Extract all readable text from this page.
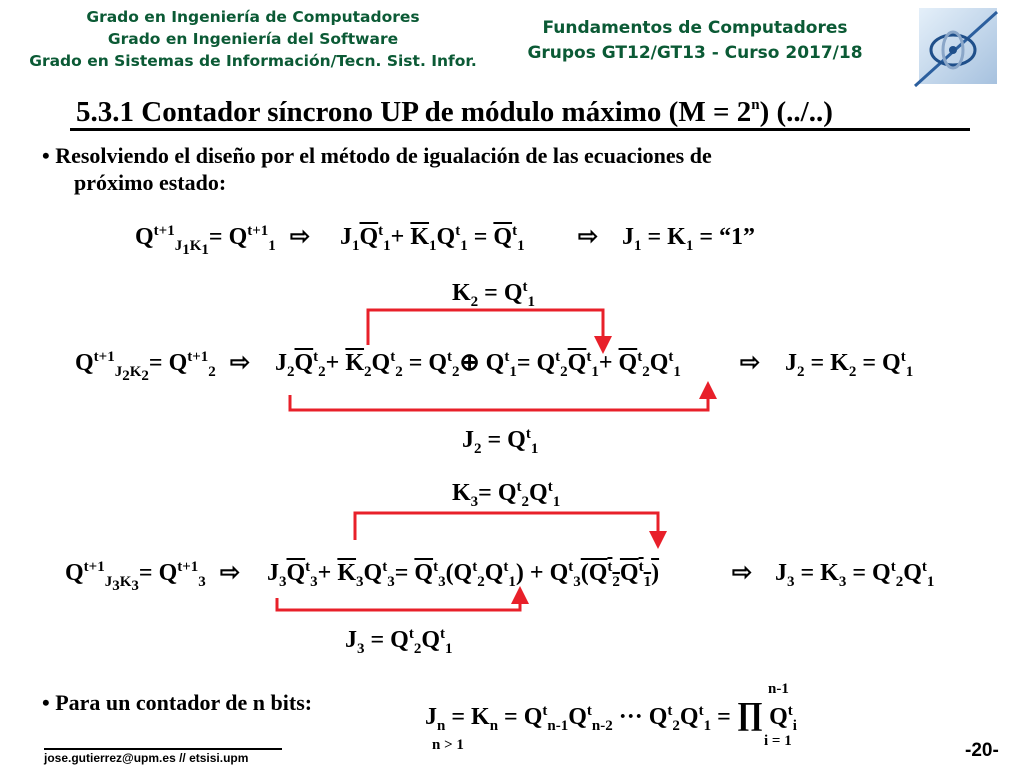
Grado en Ingeniería de Computadores
Grado en Ingeniería del Software
Grado en Sistemas de Información/Tecn. Sist. Infor.
Fundamentos de Computadores
Grupos GT12/GT13 - Curso 2017/18
5.3.1 Contador síncrono UP de módulo máximo $(M = 2^n)$ (../..)
• Resolviendo el diseño por el método de igualación de las ecuaciones de
próximo estado:
$Q^{t+1}_{J_1K_1}= Q^{t+1}_1$ ⇨ $J_1\overline{Q}^t_1+ \overline{K}_1Q^t_1 = \overline{Q}^t_1$ ⇨ $J_1 = K_1$ = “1”
$K_2 = Q^t_1$
$Q^{t+1}_{J_2K_2}= Q^{t+1}_2$ ⇨ $J_2\overline{Q}^t_2+ \overline{K}_2Q^t_2$ = $Q^t_2\oplus$ $Q^t_1= Q^t_2\overline{Q}^t_1+ \overline{Q}^t_2Q^t_1$ ⇨ $J_2 = K_2 = Q^t_1$
$J_2 = Q^t_1$
$K_3= Q^t_2Q^t_1$
$Q^{t+1}_{J_3K_3}= Q^{t+1}_3$ ⇨ $J_3\overline{Q}^t_3+ \overline{K}_3Q^t_3= \overline{Q}^t_3(Q^t_2Q^t_1) + Q^t_3(Q^t_2Q^t_1)$	⇨ $J_3 = K_3 = Q^t_2Q^t_1$
$J_3 = Q^t_2Q^t_1$
• Para un contador de n bits:
$J_n = K_n = Q^t_{n-1}Q^t_{n-2}$ ··· $Q^t_2Q^t_1$ = ∏ $Q^t_i$
n-1
i = 1
n > 1
jose.gutierrez@upm.es // etsisi.upm	-20-
